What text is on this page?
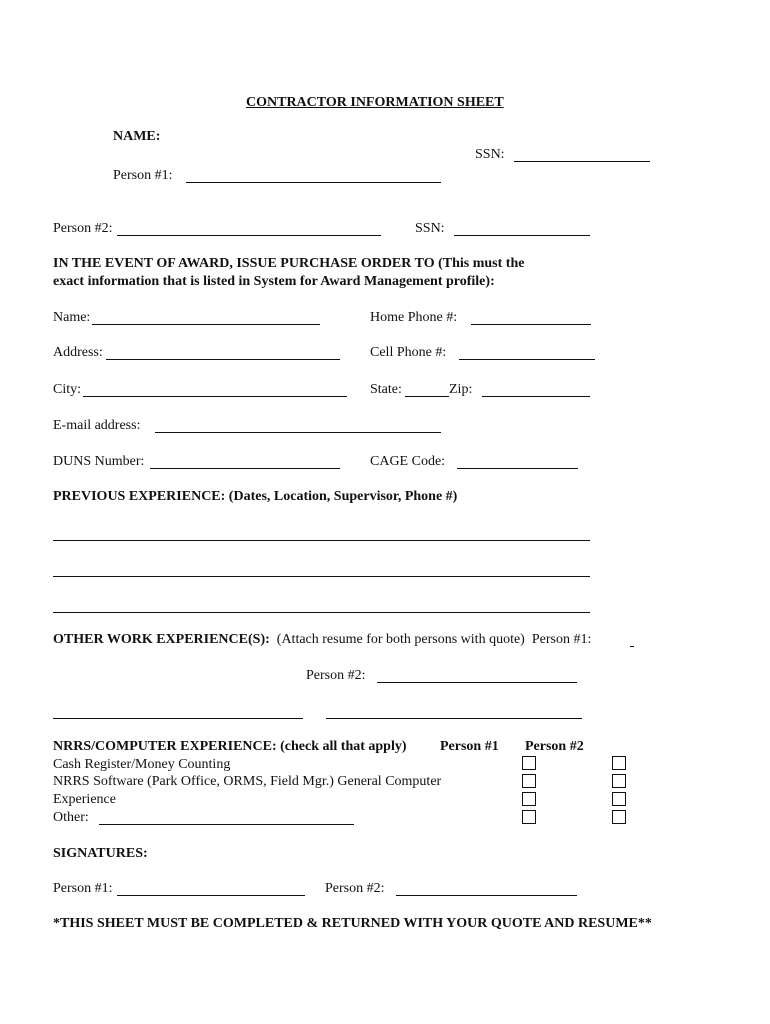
CONTRACTOR INFORMATION SHEET
NAME:
SSN:
Person #1:
Person #2:	SSN:
IN THE EVENT OF AWARD, ISSUE PURCHASE ORDER TO (This must the
exact information that is listed in System for Award Management profile):
Name:	Home Phone #:
Address:	Cell Phone #:
City:	State:	Zip:
E-mail address:
DUNS Number:	CAGE Code:
PREVIOUS EXPERIENCE: (Dates, Location, Supervisor, Phone #)
OTHER WORK EXPERIENCE(S): (Attach resume for both persons with quote) Person #1:
Person #2:
NRRS/COMPUTER EXPERIENCE: (check all that apply) Person #1 Person #2
Cash Register/Money Counting
NRRS Software (Park Office, ORMS, Field Mgr.) General Computer
Experience
Other:
SIGNATURES:
Person #1:	Person #2:
*THIS SHEET MUST BE COMPLETED & RETURNED WITH YOUR QUOTE AND RESUME**
